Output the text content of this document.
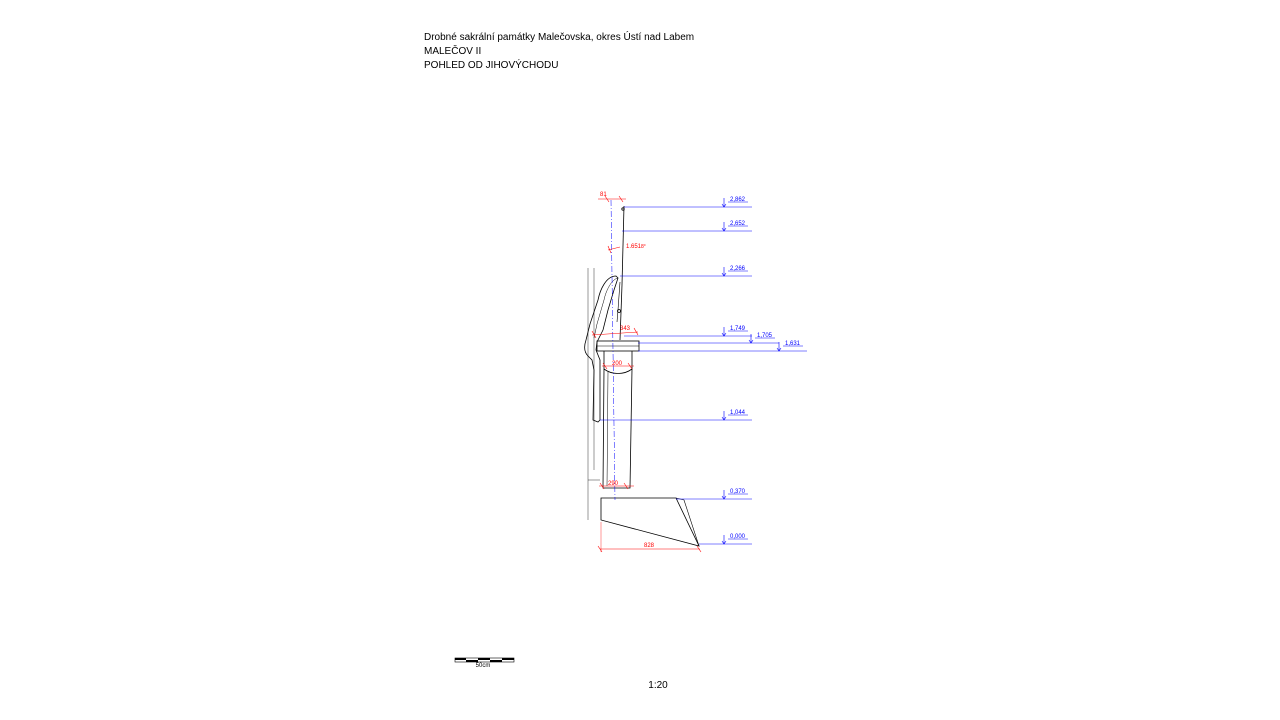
Drobné sakrální památky Malečovska, okres Ústí nad Labem
MALEČOV II
POHLED OD JIHOVÝCHODU
2,862
2,652
2,266
1,749
1,705
1,631
1,044
0,370
0,000
81
1.6518°
343
200
290
828
50cm
1:20
